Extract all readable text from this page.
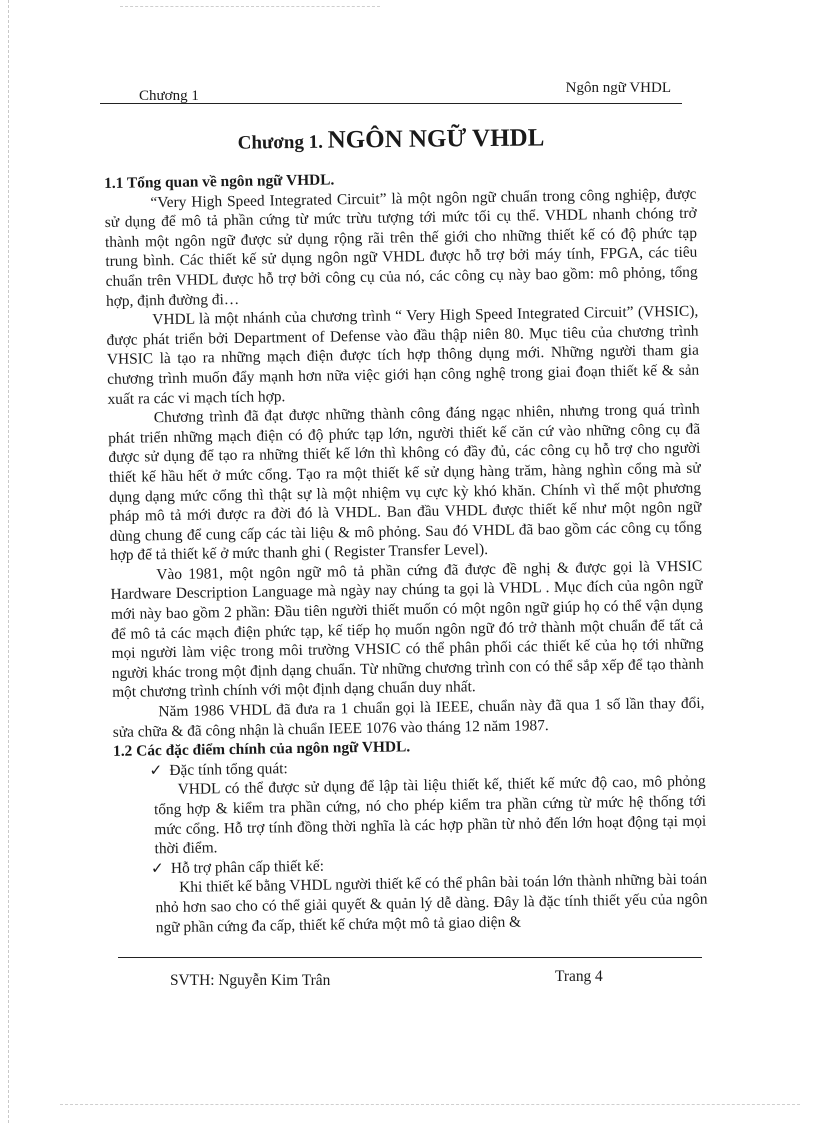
Chương 1	Ngôn ngữ VHDL
Chương 1. NGÔN NGỮ VHDL
1.1 Tổng quan về ngôn ngữ VHDL.

“Very High Speed Integrated Circuit” là một ngôn ngữ chuẩn trong công nghiệp, được sử dụng để mô tả phần cứng từ mức trừu tượng tới mức tối cụ thể. VHDL nhanh chóng trở thành một ngôn ngữ được sử dụng rộng rãi trên thế giới cho những thiết kế có độ phức tạp trung bình. Các thiết kế sử dụng ngôn ngữ VHDL được hỗ trợ bởi máy tính, FPGA, các tiêu chuẩn trên VHDL được hỗ trợ bởi công cụ của nó, các công cụ này bao gồm: mô phỏng, tổng hợp, định đường đi…

VHDL là một nhánh của chương trình “ Very High Speed Integrated Circuit” (VHSIC), được phát triển bởi Department of Defense vào đầu thập niên 80. Mục tiêu của chương trình VHSIC là tạo ra những mạch điện được tích hợp thông dụng mới. Những người tham gia chương trình muốn đẩy mạnh hơn nữa việc giới hạn công nghệ trong giai đoạn thiết kế & sản xuất ra các vi mạch tích hợp.

Chương trình đã đạt được những thành công đáng ngạc nhiên, nhưng trong quá trình phát triển những mạch điện có độ phức tạp lớn, người thiết kế căn cứ vào những công cụ đã được sử dụng để tạo ra những thiết kế lớn thì không có đầy đủ, các công cụ hỗ trợ cho người thiết kế hầu hết ở mức cổng. Tạo ra một thiết kế sử dụng hàng trăm, hàng nghìn cổng mà sử dụng dạng mức cổng thì thật sự là một nhiệm vụ cực kỳ khó khăn. Chính vì thế một phương pháp mô tả mới được ra đời đó là VHDL. Ban đầu VHDL được thiết kế như một ngôn ngữ dùng chung để cung cấp các tài liệu & mô phỏng. Sau đó VHDL đã bao gồm các công cụ tổng hợp để tả thiết kế ở mức thanh ghi ( Register Transfer Level).

Vào 1981, một ngôn ngữ mô tả phần cứng đã được đề nghị & được gọi là VHSIC Hardware Description Language mà ngày nay chúng ta gọi là VHDL . Mục đích của ngôn ngữ mới này bao gồm 2 phần: Đầu tiên người thiết muốn có một ngôn ngữ giúp họ có thể vận dụng để mô tả các mạch điện phức tạp, kế tiếp họ muốn ngôn ngữ đó trở thành một chuẩn để tất cả mọi người làm việc trong môi trường VHSIC có thể phân phối các thiết kế của họ tới những người khác trong một định dạng chuẩn. Từ những chương trình con có thể sắp xếp để tạo thành một chương trình chính với một định dạng chuẩn duy nhất.

Năm 1986 VHDL đã đưa ra 1 chuẩn gọi là IEEE, chuẩn này đã qua 1 số lần thay đổi, sửa chữa & đã công nhận là chuẩn IEEE 1076 vào tháng 12 năm 1987.

1.2 Các đặc điểm chính của ngôn ngữ VHDL.

✓ Đặc tính tổng quát:

VHDL có thể được sử dụng để lập tài liệu thiết kế, thiết kế mức độ cao, mô phỏng tổng hợp & kiểm tra phần cứng, nó cho phép kiểm tra phần cứng từ mức hệ thống tới mức cổng. Hỗ trợ tính đồng thời nghĩa là các hợp phần từ nhỏ đến lớn hoạt động tại mọi thời điểm.

✓ Hỗ trợ phân cấp thiết kế:

Khi thiết kế bằng VHDL người thiết kế có thể phân bài toán lớn thành những bài toán nhỏ hơn sao cho có thể giải quyết & quản lý dễ dàng. Đây là đặc tính thiết yếu của ngôn ngữ phần cứng đa cấp, thiết kế chứa một mô tả giao diện &

SVTH: Nguyễn Kim Trân	Trang 4
